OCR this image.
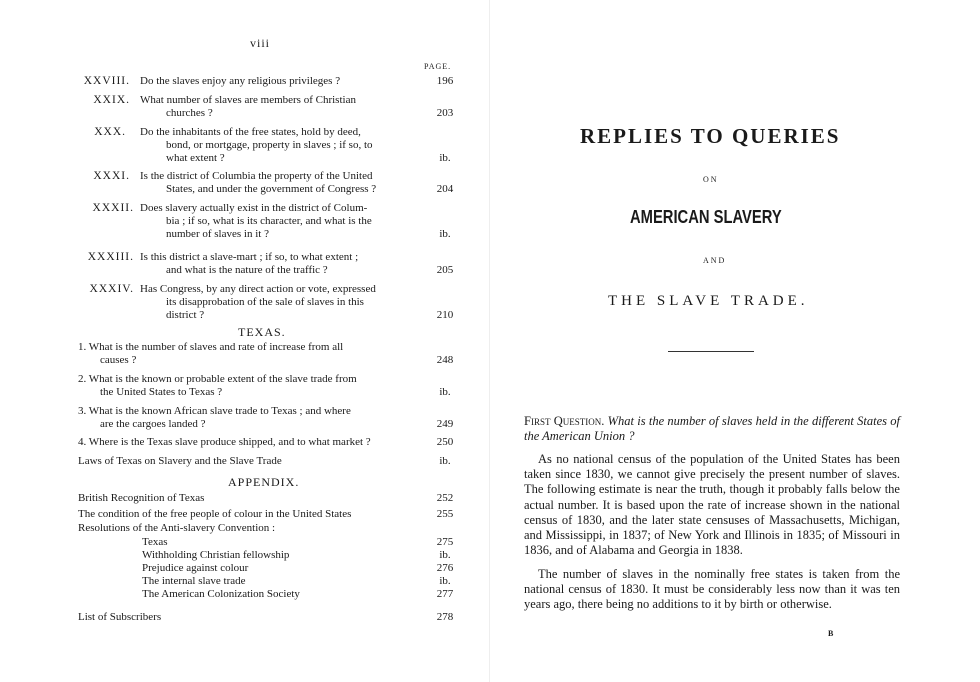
viii
PAGE.
XXVIII. Do the slaves enjoy any religious privileges ?	196
XXIX. What number of slaves are members of Christian
churches ?	203
XXX. Do the inhabitants of the free states, hold by deed,
bond, or mortgage, property in slaves ; if so, to
what extent ?	ib.
XXXI. Is the district of Columbia the property of the United
States, and under the government of Congress ?	204
XXXII. Does slavery actually exist in the district of Colum-
bia ; if so, what is its character, and what is the
number of slaves in it ?	ib.
XXXIII. Is this district a slave-mart ; if so, to what extent ;
and what is the nature of the traffic ?	205
XXXIV. Has Congress, by any direct action or vote, expressed
its disapprobation of the sale of slaves in this
district ?	210
TEXAS.
1. What is the number of slaves and rate of increase from all
causes ?	248
2. What is the known or probable extent of the slave trade from
the United States to Texas ?	ib.
3. What is the known African slave trade to Texas ; and where
are the cargoes landed ?	249
4. Where is the Texas slave produce shipped, and to what market ?	250
Laws of Texas on Slavery and the Slave Trade	ib.
APPENDIX.
British Recognition of Texas	252
The condition of the free people of colour in the United States	255
Resolutions of the Anti-slavery Convention :
Texas	275
Withholding Christian fellowship	ib.
Prejudice against colour	276
The internal slave trade	ib.
The American Colonization Society	277
List of Subscribers	278
REPLIES TO QUERIES
ON
AMERICAN SLAVERY
AND
THE SLAVE TRADE.
First Question. What is the number of slaves held in the different States of the American Union ?
As no national census of the population of the United States has been taken since 1830, we cannot give precisely the present number of slaves. The following estimate is near the truth, though it probably falls below the actual number. It is based upon the rate of increase shown in the national census of 1830, and the later state censuses of Massachusetts, Michigan, and Mississippi, in 1837; of New York and Illinois in 1835; of Missouri in 1836, and of Alabama and Georgia in 1838.
The number of slaves in the nominally free states is taken from the national census of 1830. It must be considerably less now than it was ten years ago, there being no additions to it by birth or otherwise.
B
